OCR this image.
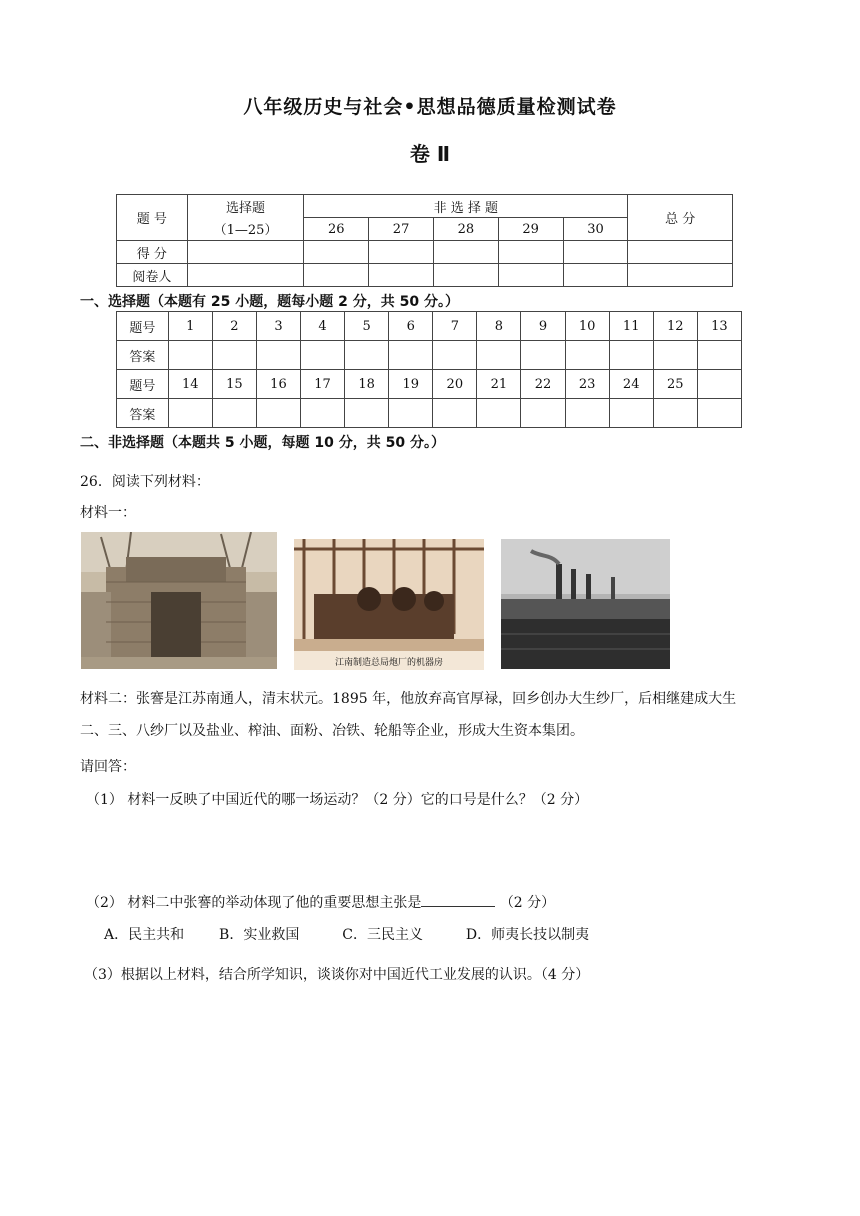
八年级历史与社会•思想品德质量检测试卷
卷 Ⅱ
题 号	选择题	非 选 择 题					总 分
	（1—25）	26	27	28	29	30	
得 分							
阅卷人							
一、选择题（本题有 25 小题，题每小题 2 分，共 50 分。）
题号	1	2	3	4	5	6	7	8	9	10	11	12	13
答案													
题号	14	15	16	17	18	19	20	21	22	23	24	25	
答案													
二、非选择题（本题共 5 小题，每题 10 分，共 50 分。）
26．阅读下列材料：
材料一：
江南制造总局炮厂的机器房
材料二：张謇是江苏南通人，清末状元。1895 年，他放弃高官厚禄，回乡创办大生纱厂，后相继建成大生
二、三、八纱厂以及盐业、榨油、面粉、冶铁、轮船等企业，形成大生资本集团。
请回答：
（1） 材料一反映了中国近代的哪一场运动？（2 分）它的口号是什么？（2 分）
（2） 材料二中张謇的举动体现了他的重要思想主张是	（2 分）
A．民主共和 B．实业救国	C．三民主义	D．师夷长技以制夷
（3）根据以上材料，结合所学知识，谈谈你对中国近代工业发展的认识。（4 分）
